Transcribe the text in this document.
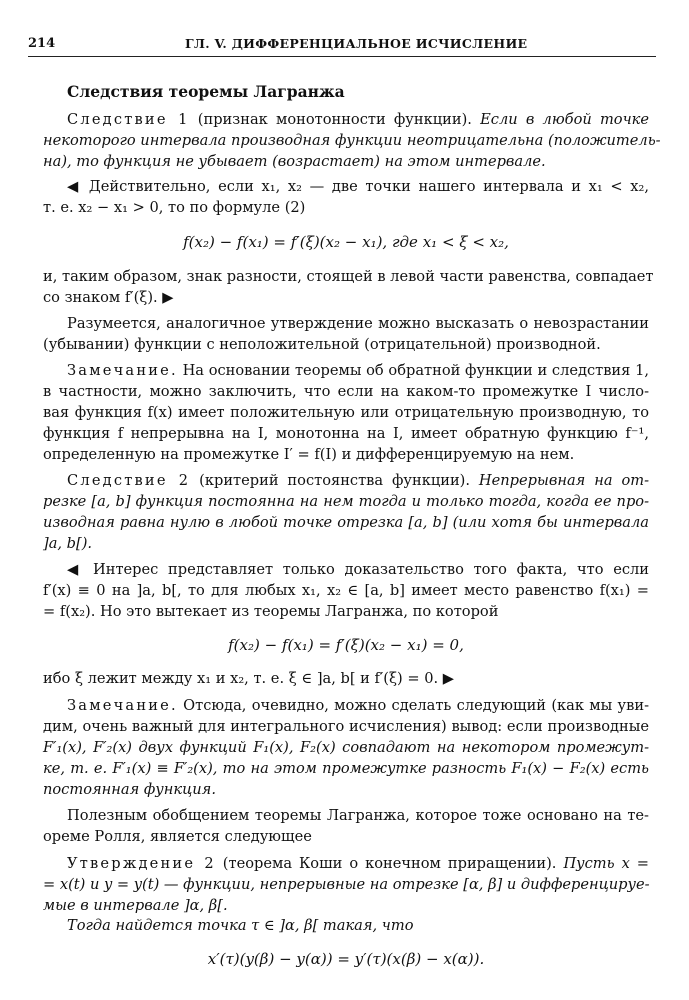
214	ГЛ. V. ДИФФЕРЕНЦИАЛЬНОЕ ИСЧИСЛЕНИЕ
Следствия теоремы Лагранжа
Следствие 1 (признак монотонности функции). Если в любой точке
некоторого интервала производная функции неотрицательна (положитель-
на), то функция не убывает (возрастает) на этом интервале.
◀ Действительно, если x₁, x₂ — две точки нашего интервала и x₁ < x₂,
т. е. x₂ − x₁ > 0, то по формуле (2)
f(x₂) − f(x₁) = f′(ξ)(x₂ − x₁), где x₁ < ξ < x₂,
и, таким образом, знак разности, стоящей в левой части равенства, совпадает
со знаком f′(ξ). ▶
Разумеется, аналогичное утверждение можно высказать о невозрастании
(убывании) функции с неположительной (отрицательной) производной.
Замечание. На основании теоремы об обратной функции и следствия 1,
в частности, можно заключить, что если на каком-то промежутке I число-
вая функция f(x) имеет положительную или отрицательную производную, то
функция f непрерывна на I, монотонна на I, имеет обратную функцию f⁻¹,
определенную на промежутке I′ = f(I) и дифференцируемую на нем.
Следствие 2 (критерий постоянства функции). Непрерывная на от-
резке [a, b] функция постоянна на нем тогда и только тогда, когда ее про-
изводная равна нулю в любой точке отрезка [a, b] (или хотя бы интервала
]a, b[).
◀ Интерес представляет только доказательство того факта, что если
f′(x) ≡ 0 на ]a, b[, то для любых x₁, x₂ ∈ [a, b] имеет место равенство f(x₁) =
= f(x₂). Но это вытекает из теоремы Лагранжа, по которой
f(x₂) − f(x₁) = f′(ξ)(x₂ − x₁) = 0,
ибо ξ лежит между x₁ и x₂, т. е. ξ ∈ ]a, b[ и f′(ξ) = 0. ▶
Замечание. Отсюда, очевидно, можно сделать следующий (как мы уви-
дим, очень важный для интегрального исчисления) вывод: если производные
F′₁(x), F′₂(x) двух функций F₁(x), F₂(x) совпадают на некотором промежут-
ке, т. е. F′₁(x) ≡ F′₂(x), то на этом промежутке разность F₁(x) − F₂(x) есть
постоянная функция.
Полезным обобщением теоремы Лагранжа, которое тоже основано на те-
ореме Ролля, является следующее
Утверждение 2 (теорема Коши о конечном приращении). Пусть x =
= x(t) и y = y(t) — функции, непрерывные на отрезке [α, β] и дифференцируе-
мые в интервале ]α, β[.
Тогда найдется точка τ ∈ ]α, β[ такая, что
x′(τ)(y(β) − y(α)) = y′(τ)(x(β) − x(α)).
